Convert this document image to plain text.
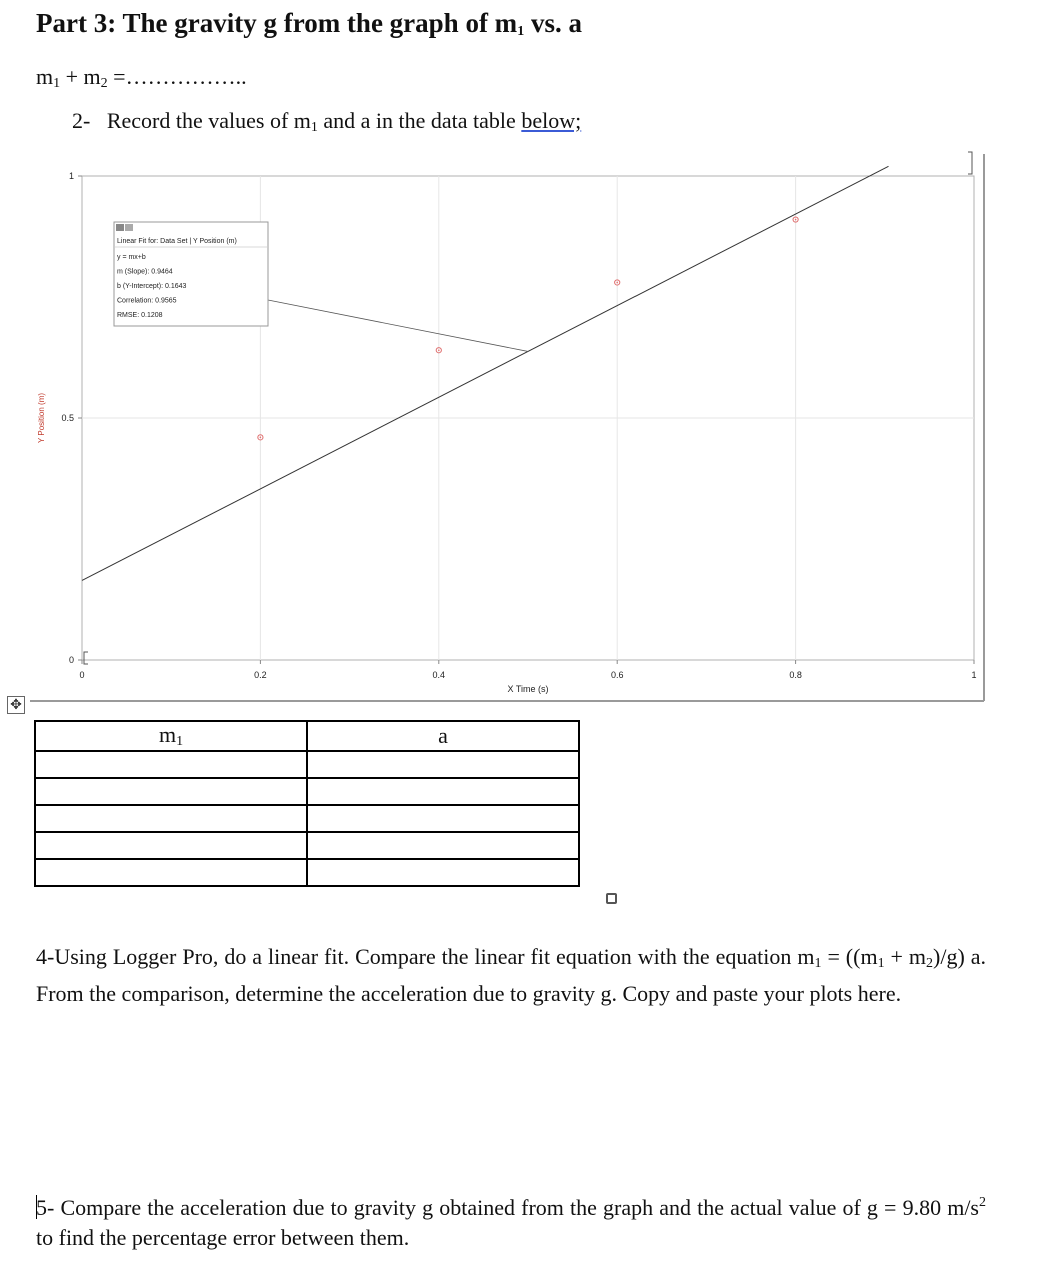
Part 3: The gravity g from the graph of $m_1$ vs. a
$m_1 + m_2$ =……………..
2- Record the values of $m_1$ and a in the data table below;
0	0.2	0.4	0.6	0.8	1
0
0.5
1
X Time (s)
Y Position (m)
Linear Fit for: Data Set | Y Position (m)
y = mx+b
m (Slope): 0.9464
b (Y-Intercept): 0.1643
Correlation: 0.9565
RMSE: 0.1208
✥
$m_1$	a

4-Using Logger Pro, do a linear fit. Compare the linear fit equation with the equation $m_1 = ((m_1 + m_2)/g)$ a. From the comparison, determine the acceleration due to gravity g. Copy and paste your plots here.
5- Compare the acceleration due to gravity g obtained from the graph and the actual value of g = 9.80 $m/s^2$ to find the percentage error between them.
